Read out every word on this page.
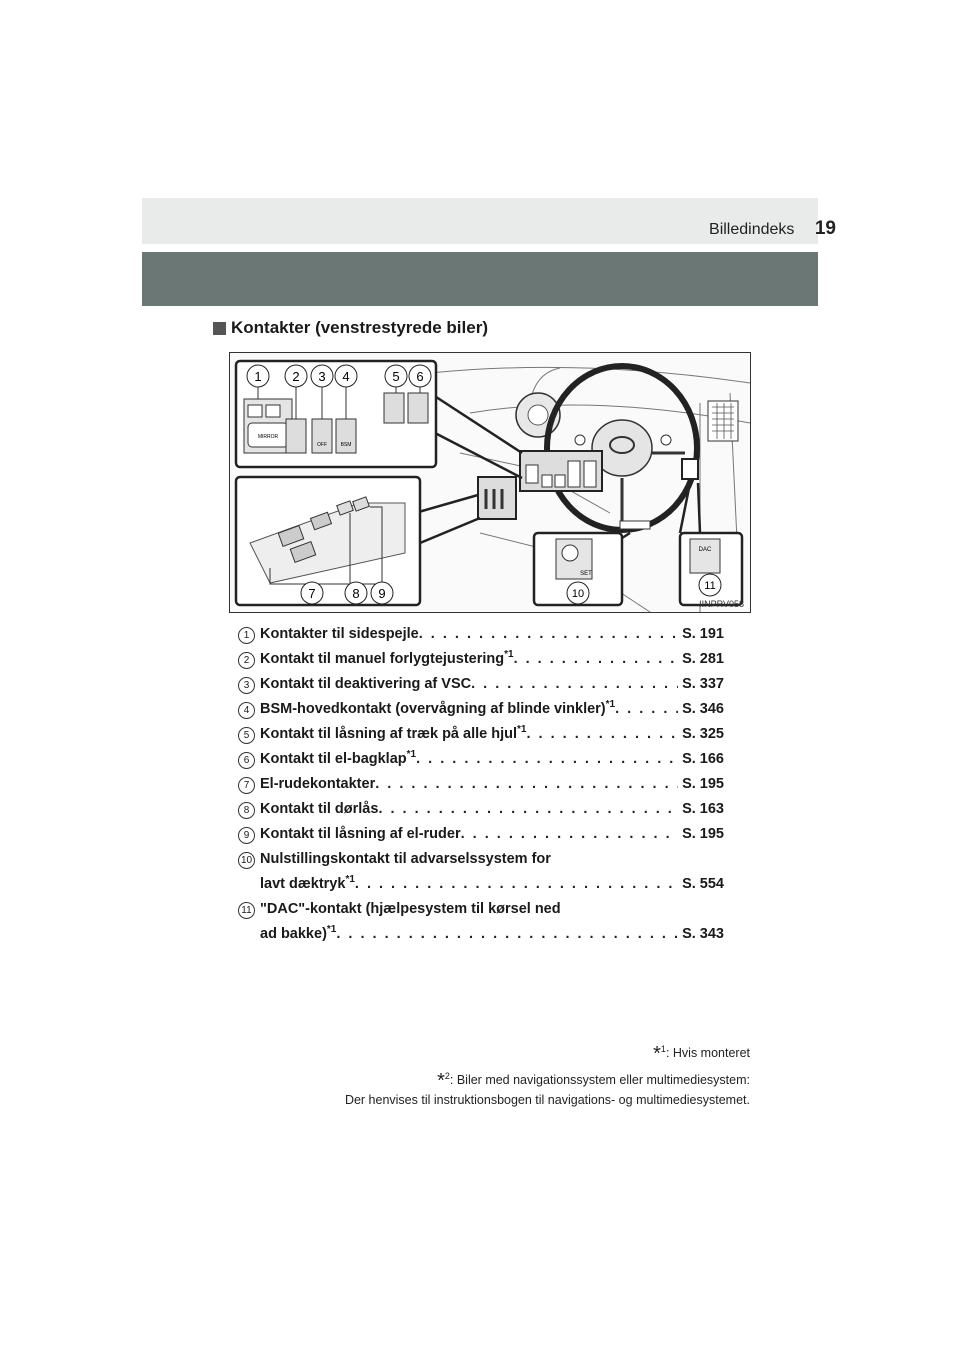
Billedindeks 19
Kontakter (venstrestyrede biler)
MIRROR
OFF	BSM
SET
DAC
1 2 3 4	5 6
7	8 9	10
11
IINPRV058
1 Kontakter til sidespejle . . .	S. 191
2 Kontakt til manuel forlygtejustering$^{*1}$ . . .	S. 281
3 Kontakt til deaktivering af VSC . . .	S. 337
4 BSM-hovedkontakt (overvågning af blinde vinkler)$^{*1}$ . . .	S. 346
5 Kontakt til låsning af træk på alle hjul$^{*1}$ . . .	S. 325
6 Kontakt til el-bagklap$^{*1}$ . . .	S. 166
7 El-rudekontakter . . .	S. 195
8 Kontakt til dørlås . . .	S. 163
9 Kontakt til låsning af el-ruder . . .	S. 195
10 Nulstillingskontakt til advarselssystem for
lavt dæktryk$^{*1}$ . . .	S. 554
11 "DAC"-kontakt (hjælpesystem til kørsel ned
ad bakke)$^{*1}$ . . .	S. 343
*$^1$: Hvis monteret
*$^2$: Biler med navigationssystem eller multimediesystem:
Der henvises til instruktionsbogen til navigations- og multimediesystemet.
